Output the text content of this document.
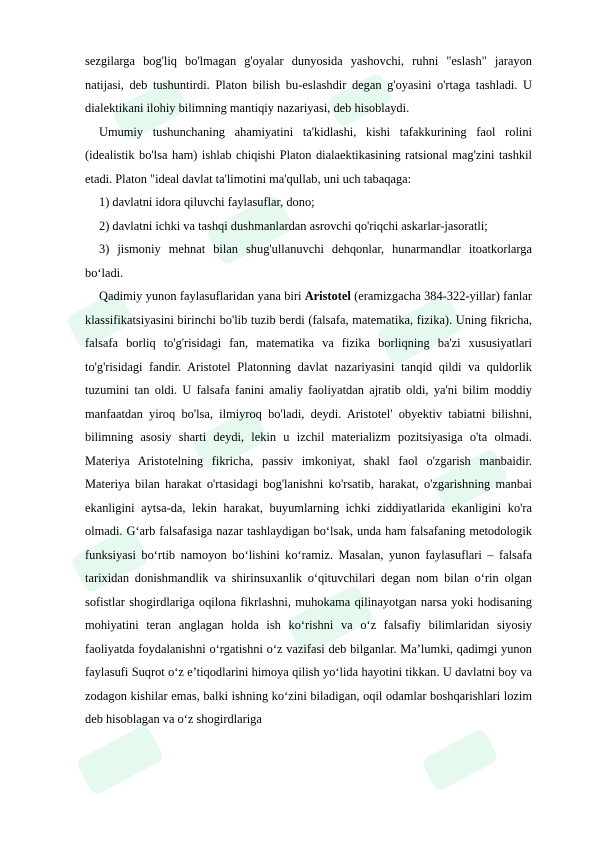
sezgilarga bog'liq bo'lmagan g'oyalar dunyosida yashovchi, ruhni "eslash" jarayon natijasi, deb tushuntirdi. Platon bilish bu-eslashdir degan g'oyasini o'rtaga tashladi. U dialektikani ilohiy bilimning mantiqiy nazariyasi, deb hisoblaydi.

Umumiy tushunchaning ahamiyatini ta'kidlashi, kishi tafakkurining faol rolini (idealistik bo'lsa ham) ishlab chiqishi Platon dialaektikasining ratsional mag'zini tashkil etadi. Platon "ideal davlat ta'limotini ma'qullab, uni uch tabaqaga:

1) davlatni idora qiluvchi faylasuflar, dono;

2) davlatni ichki va tashqi dushmanlardan asrovchi qo'riqchi askarlar-jasoratli;

3) jismoniy mehnat bilan shug'ullanuvchi dehqonlar, hunarmandlar itoatkorlarga bo‘ladi.

Qadimiy yunon faylasuflaridan yana biri Aristotel (eramizgacha 384-322-yillar) fanlar klassifikatsiyasini birinchi bo'lib tuzib berdi (falsafa, matematika, fizika). Uning fikricha, falsafa borliq to'g'risidagi fan, matematika va fizika borliqning ba'zi xususiyatlari to'g'risidagi fandir. Aristotel Platonning davlat nazariyasini tanqid qildi va quldorlik tuzumini tan oldi. U falsafa fanini amaliy faoliyatdan ajratib oldi, ya'ni bilim moddiy manfaatdan yiroq bo'lsa, ilmiyroq bo'ladi, deydi. Aristotel' obyektiv tabiatni bilishni, bilimning asosiy sharti deydi, lekin u izchil materializm pozitsiyasiga o'ta olmadi. Materiya Aristotelning fikricha, passiv imkoniyat, shakl faol o'zgarish manbaidir. Materiya bilan harakat o'rtasidagi bog'lanishni ko'rsatib, harakat, o'zgarishning manbai ekanligini aytsa-da, lekin harakat, buyumlarning ichki ziddiyatlarida ekanligini ko'ra olmadi. G‘arb falsafasiga nazar tashlaydigan bo‘lsak, unda ham falsafaning metodologik funksiyasi bo‘rtib namoyon bo‘lishini ko‘ramiz. Masalan, yunon faylasuflari – falsafa tarixidan donishmandlik va shirinsuxanlik o‘qituvchilari degan nom bilan o‘rin olgan sofistlar shogirdlariga oqilona fikrlashni, muhokama qilinayotgan narsa yoki hodisaning mohiyatini teran anglagan holda ish ko‘rishni va o‘z falsafiy bilimlaridan siyosiy faoliyatda foydalanishni o‘rgatishni o‘z vazifasi deb bilganlar. Ma’lumki, qadimgi yunon faylasufi Suqrot o‘z e’tiqodlarini himoya qilish yo‘lida hayotini tikkan. U davlatni boy va zodagon kishilar emas, balki ishning ko‘zini biladigan, oqil odamlar boshqarishlari lozim deb hisoblagan va o‘z shogirdlariga
